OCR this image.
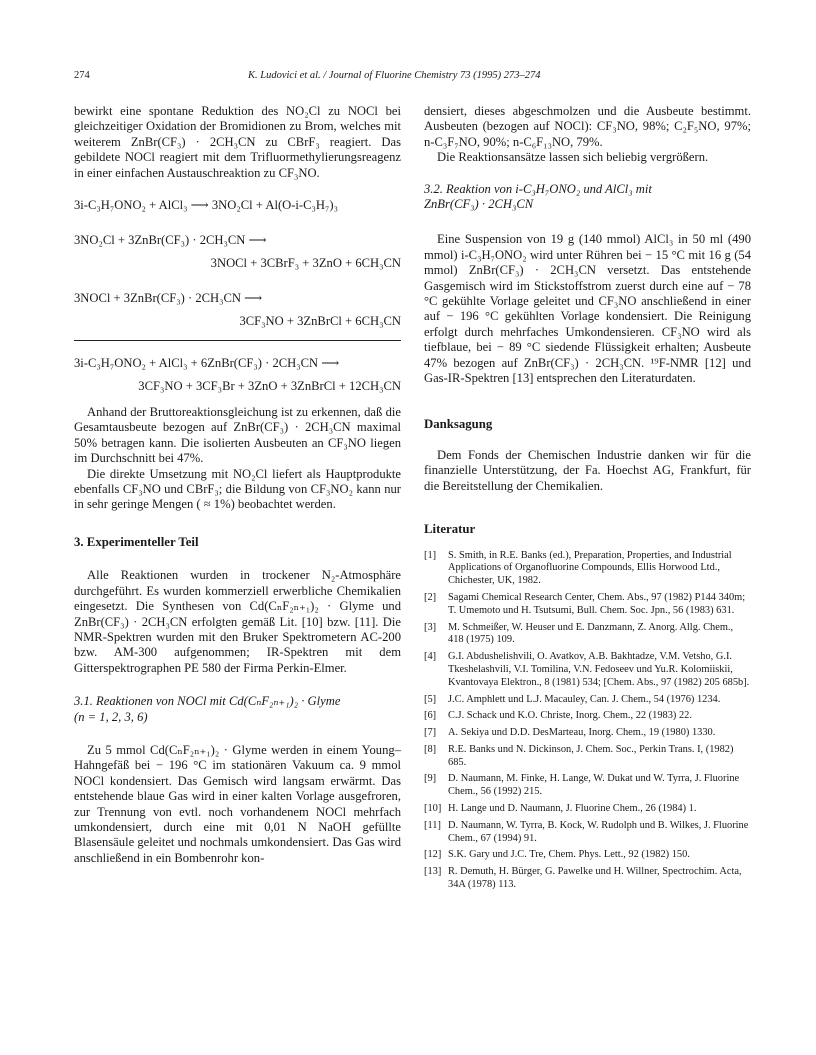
274	K. Ludovici et al. / Journal of Fluorine Chemistry 73 (1995) 273–274

bewirkt eine spontane Reduktion des NO₂Cl zu NOCl bei gleichzeitiger Oxidation der Bromidionen zu Brom, welches mit weiterem ZnBr(CF₃) · 2CH₃CN zu CBrF₃ reagiert. Das gebildete NOCl reagiert mit dem Trifluormethylierungsreagenz in einer einfachen Austauschreaktion zu CF₃NO.

3i-C₃H₇ONO₂ + AlCl₃ ⟶ 3NO₂Cl + Al(O-i-C₃H₇)₃
3NO₂Cl + 3ZnBr(CF₃) · 2CH₃CN ⟶
3NOCl + 3CBrF₃ + 3ZnO + 6CH₃CN
3NOCl + 3ZnBr(CF₃) · 2CH₃CN ⟶
3CF₃NO + 3ZnBrCl + 6CH₃CN
3i-C₃H₇ONO₂ + AlCl₃ + 6ZnBr(CF₃) · 2CH₃CN ⟶
3CF₃NO + 3CF₃Br + 3ZnO + 3ZnBrCl + 12CH₃CN

Anhand der Bruttoreaktionsgleichung ist zu erkennen, daß die Gesamtausbeute bezogen auf ZnBr(CF₃) · 2CH₃CN maximal 50% betragen kann. Die isolierten Ausbeuten an CF₃NO liegen im Durchschnitt bei 47%.

Die direkte Umsetzung mit NO₂Cl liefert als Hauptprodukte ebenfalls CF₃NO und CBrF₃; die Bildung von CF₃NO₂ kann nur in sehr geringe Mengen ( ≈ 1%) beobachtet werden.

3. Experimenteller Teil

Alle Reaktionen wurden in trockener N₂-Atmosphäre durchgeführt. Es wurden kommerziell erwerbliche Chemikalien eingesetzt. Die Synthesen von Cd(CₙF₂ₙ₊₁)₂ · Glyme und ZnBr(CF₃) · 2CH₃CN erfolgten gemäß Lit. [10] bzw. [11]. Die NMR-Spektren wurden mit den Bruker Spektrometern AC-200 bzw. AM-300 aufgenommen; IR-Spektren mit dem Gitterspektrographen PE 580 der Firma Perkin-Elmer.

3.1. Reaktionen von NOCl mit Cd(CₙF₂ₙ₊₁)₂ · Glyme

(n = 1, 2, 3, 6)

Zu 5 mmol Cd(CₙF₂ₙ₊₁)₂ · Glyme werden in einem Young–Hahngefäß bei − 196 °C im stationären Vakuum ca. 9 mmol NOCl kondensiert. Das Gemisch wird langsam erwärmt. Das entstehende blaue Gas wird in einer kalten Vorlage ausgefroren, zur Trennung von evtl. noch vorhandenem NOCl mehrfach umkondensiert, durch eine mit 0,01 N NaOH gefüllte Blasensäule geleitet und nochmals umkondensiert. Das Gas wird anschließend in ein Bombenrohr kon-

densiert, dieses abgeschmolzen und die Ausbeute bestimmt. Ausbeuten (bezogen auf NOCl): CF₃NO, 98%; C₂F₅NO, 97%; n-C₃F₇NO, 90%; n-C₆F₁₃NO, 79%.

Die Reaktionsansätze lassen sich beliebig vergrößern.

3.2. Reaktion von i-C₃H₇ONO₂ und AlCl₃ mit

ZnBr(CF₃) · 2CH₃CN

Eine Suspension von 19 g (140 mmol) AlCl₃ in 50 ml (490 mmol) i-C₃H₇ONO₂ wird unter Rühren bei − 15 °C mit 16 g (54 mmol) ZnBr(CF₃) · 2CH₃CN versetzt. Das entstehende Gasgemisch wird im Stickstoffstrom zuerst durch eine auf − 78 °C gekühlte Vorlage geleitet und CF₃NO anschließend in einer auf − 196 °C gekühlten Vorlage kondensiert. Die Reinigung erfolgt durch mehrfaches Umkondensieren. CF₃NO wird als tiefblaue, bei − 89 °C siedende Flüssigkeit erhalten; Ausbeute 47% bezogen auf ZnBr(CF₃) · 2CH₃CN. ¹⁹F-NMR [12] und Gas-IR-Spektren [13] entsprechen den Literaturdaten.

Danksagung

Dem Fonds der Chemischen Industrie danken wir für die finanzielle Unterstützung, der Fa. Hoechst AG, Frankfurt, für die Bereitstellung der Chemikalien.

Literatur
[1]	S. Smith, in R.E. Banks (ed.), Preparation, Properties, and Industrial Applications of Organofluorine Compounds, Ellis Horwood Ltd., Chichester, UK, 1982.
[2]	Sagami Chemical Research Center, Chem. Abs., 97 (1982) P144 340m; T. Umemoto und H. Tsutsumi, Bull. Chem. Soc. Jpn., 56 (1983) 631.
[3]	M. Schmeißer, W. Heuser und E. Danzmann, Z. Anorg. Allg. Chem., 418 (1975) 109.
[4]	G.I. Abdushelishvili, O. Avatkov, A.B. Bakhtadze, V.M. Vetsho, G.I. Tkeshelashvili, V.I. Tomilina, V.N. Fedoseev und Yu.R. Kolomiiskii, Kvantovaya Elektron., 8 (1981) 534; [Chem. Abs., 97 (1982) 205 685b].
[5]	J.C. Amphlett und L.J. Macauley, Can. J. Chem., 54 (1976) 1234.
[6]	C.J. Schack und K.O. Christe, Inorg. Chem., 22 (1983) 22.
[7]	A. Sekiya und D.D. DesMarteau, Inorg. Chem., 19 (1980) 1330.
[8]	R.E. Banks und N. Dickinson, J. Chem. Soc., Perkin Trans. I, (1982) 685.
[9]	D. Naumann, M. Finke, H. Lange, W. Dukat und W. Tyrra, J. Fluorine Chem., 56 (1992) 215.
[10] H. Lange und D. Naumann, J. Fluorine Chem., 26 (1984) 1.
[11] D. Naumann, W. Tyrra, B. Kock, W. Rudolph und B. Wilkes, J. Fluorine Chem., 67 (1994) 91.
[12] S.K. Gary und J.C. Tre, Chem. Phys. Lett., 92 (1982) 150.
[13] R. Demuth, H. Bürger, G. Pawelke und H. Willner, Spectrochim. Acta, 34A (1978) 113.
